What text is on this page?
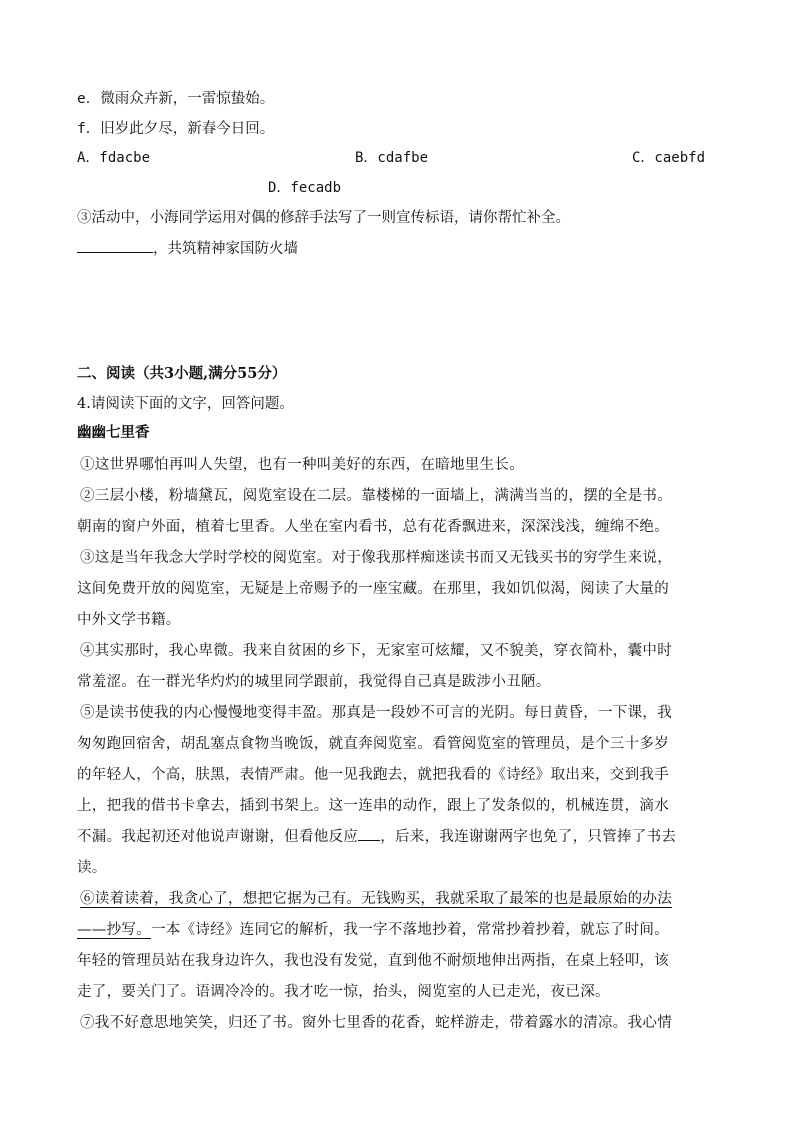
e．微雨众卉新，一雷惊蛰始。
f．旧岁此夕尽，新春今日回。
A．fdacbe	B．cdafbe	C．caebfd
D．fecadb
③活动中，小海同学运用对偶的修辞手法写了一则宣传标语，请你帮忙补全。
，共筑精神家国防火墙
二、阅读（共3小题,满分55分）
4.请阅读下面的文字，回答问题。
幽幽七里香
①这世界哪怕再叫人失望，也有一种叫美好的东西，在暗地里生长。
②三层小楼，粉墙黛瓦，阅览室设在二层。靠楼梯的一面墙上，满满当当的，摆的全是书。
朝南的窗户外面，植着七里香。人坐在室内看书，总有花香飘进来，深深浅浅，缠绵不绝。
③这是当年我念大学时学校的阅览室。对于像我那样痴迷读书而又无钱买书的穷学生来说，
这间免费开放的阅览室，无疑是上帝赐予的一座宝藏。在那里，我如饥似渴，阅读了大量的
中外文学书籍。
④其实那时，我心卑微。我来自贫困的乡下，无家室可炫耀，又不貌美，穿衣简朴，囊中时
常羞涩。在一群光华灼灼的城里同学跟前，我觉得自己真是跋涉小丑陋。
⑤是读书使我的内心慢慢地变得丰盈。那真是一段妙不可言的光阴。每日黄昏，一下课，我
匆匆跑回宿舍，胡乱塞点食物当晚饭，就直奔阅览室。看管阅览室的管理员，是个三十多岁
的年轻人，个高，肤黑，表情严肃。他一见我跑去，就把我看的《诗经》取出来，交到我手
上，把我的借书卡拿去，插到书架上。这一连串的动作，跟上了发条似的，机械连贯，滴水
不漏。我起初还对他说声谢谢，但看他反应 ，后来，我连谢谢两字也免了，只管捧了书去
读。
⑥读着读着，我贪心了，想把它据为己有。无钱购买，我就采取了最笨的也是最原始的办法
——抄写。一本《诗经》连同它的解析，我一字不落地抄着，常常抄着抄着，就忘了时间。
年轻的管理员站在我身边许久，我也没有发觉，直到他不耐烦地伸出两指，在桌上轻叩，该
走了，要关门了。语调冷冷的。我才吃一惊，抬头，阅览室的人已走光，夜已深。
⑦我不好意思地笑笑，归还了书。窗外七里香的花香，蛇样游走，带着露水的清凉。我心情
